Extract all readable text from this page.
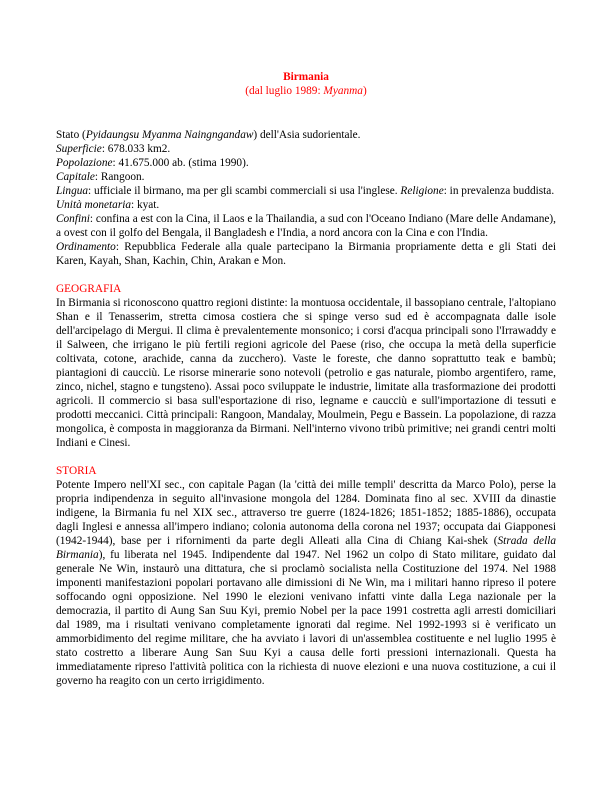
Birmania
(dal luglio 1989: Myanma)

Stato (Pyidaungsu Myanma Naingngandaw) dell'Asia sudorientale.

Superficie: 678.033 km2.

Popolazione: 41.675.000 ab. (stima 1990).

Capitale: Rangoon.

Lingua: ufficiale il birmano, ma per gli scambi commerciali si usa l'inglese. Religione: in prevalenza buddista.

Unità monetaria: kyat.

Confini: confina a est con la Cina, il Laos e la Thailandia, a sud con l'Oceano Indiano (Mare delle Andamane), a ovest con il golfo del Bengala, il Bangladesh e l'India, a nord ancora con la Cina e con l'India.

Ordinamento: Repubblica Federale alla quale partecipano la Birmania propriamente detta e gli Stati dei Karen, Kayah, Shan, Kachin, Chin, Arakan e Mon.

GEOGRAFIA

In Birmania si riconoscono quattro regioni distinte: la montuosa occidentale, il bassopiano centrale, l'altopiano Shan e il Tenasserim, stretta cimosa costiera che si spinge verso sud ed è accompagnata dalle isole dell'arcipelago di Mergui. Il clima è prevalentemente monsonico; i corsi d'acqua principali sono l'Irrawaddy e il Salween, che irrigano le più fertili regioni agricole del Paese (riso, che occupa la metà della superficie coltivata, cotone, arachide, canna da zucchero). Vaste le foreste, che danno soprattutto teak e bambù; piantagioni di caucciù. Le risorse minerarie sono notevoli (petrolio e gas naturale, piombo argentifero, rame, zinco, nichel, stagno e tungsteno). Assai poco sviluppate le industrie, limitate alla trasformazione dei prodotti agricoli. Il commercio si basa sull'esportazione di riso, legname e caucciù e sull'importazione di tessuti e prodotti meccanici. Città principali: Rangoon, Mandalay, Moulmein, Pegu e Bassein. La popolazione, di razza mongolica, è composta in maggioranza da Birmani. Nell'interno vivono tribù primitive; nei grandi centri molti Indiani e Cinesi.

STORIA

Potente Impero nell'XI sec., con capitale Pagan (la 'città dei mille templi' descritta da Marco Polo), perse la propria indipendenza in seguito all'invasione mongola del 1284. Dominata fino al sec. XVIII da dinastie indigene, la Birmania fu nel XIX sec., attraverso tre guerre (1824-1826; 1851-1852; 1885-1886), occupata dagli Inglesi e annessa all'impero indiano; colonia autonoma della corona nel 1937; occupata dai Giapponesi (1942-1944), base per i rifornimenti da parte degli Alleati alla Cina di Chiang Kai-shek (Strada della Birmania), fu liberata nel 1945. Indipendente dal 1947. Nel 1962 un colpo di Stato militare, guidato dal generale Ne Win, instaurò una dittatura, che si proclamò socialista nella Costituzione del 1974. Nel 1988 imponenti manifestazioni popolari portavano alle dimissioni di Ne Win, ma i militari hanno ripreso il potere soffocando ogni opposizione. Nel 1990 le elezioni venivano infatti vinte dalla Lega nazionale per la democrazia, il partito di Aung San Suu Kyi, premio Nobel per la pace 1991 costretta agli arresti domiciliari dal 1989, ma i risultati venivano completamente ignorati dal regime. Nel 1992-1993 si è verificato un ammorbidimento del regime militare, che ha avviato i lavori di un'assemblea costituente e nel luglio 1995 è stato costretto a liberare Aung San Suu Kyi a causa delle forti pressioni internazionali. Questa ha immediatamente ripreso l'attività politica con la richiesta di nuove elezioni e una nuova costituzione, a cui il governo ha reagito con un certo irrigidimento.
